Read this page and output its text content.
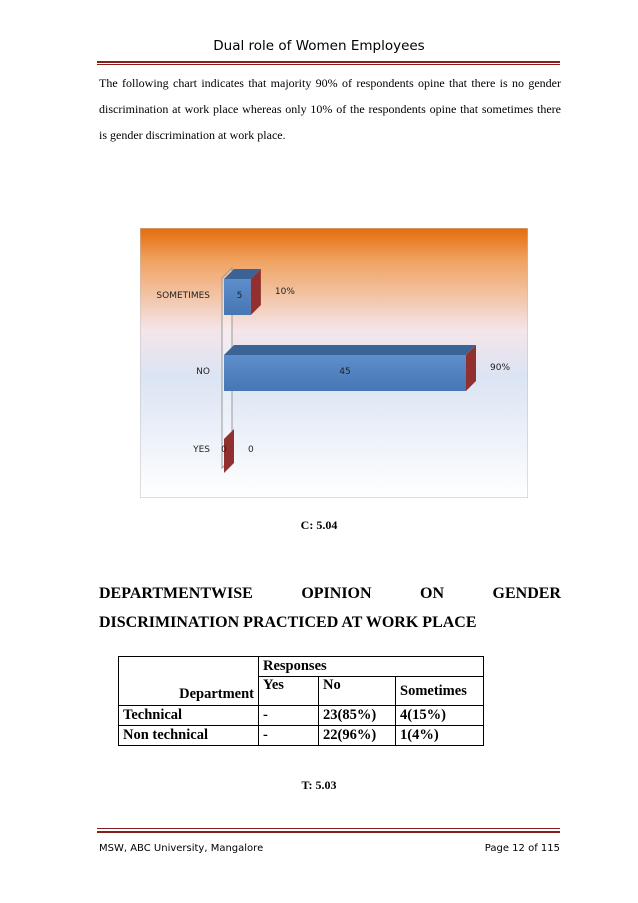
Dual role of Women Employees
The following chart indicates that majority 90% of respondents opine that there is no gender discrimination at work place whereas only 10% of the respondents opine that sometimes there is gender discrimination at work place.
YES 0 0
NO	45	90%
SOMETIMES	5	10%
C: 5.04
DEPARTMENTWISE	OPINION	ON	GENDER
DISCRIMINATION PRACTICED AT WORK PLACE
Department	Responses		
	Yes	No	Sometimes
Technical	-	23(85%)	4(15%)
Non technical	-	22(96%)	1(4%)
T: 5.03
MSW, ABC University, Mangalore	Page 12 of 115
